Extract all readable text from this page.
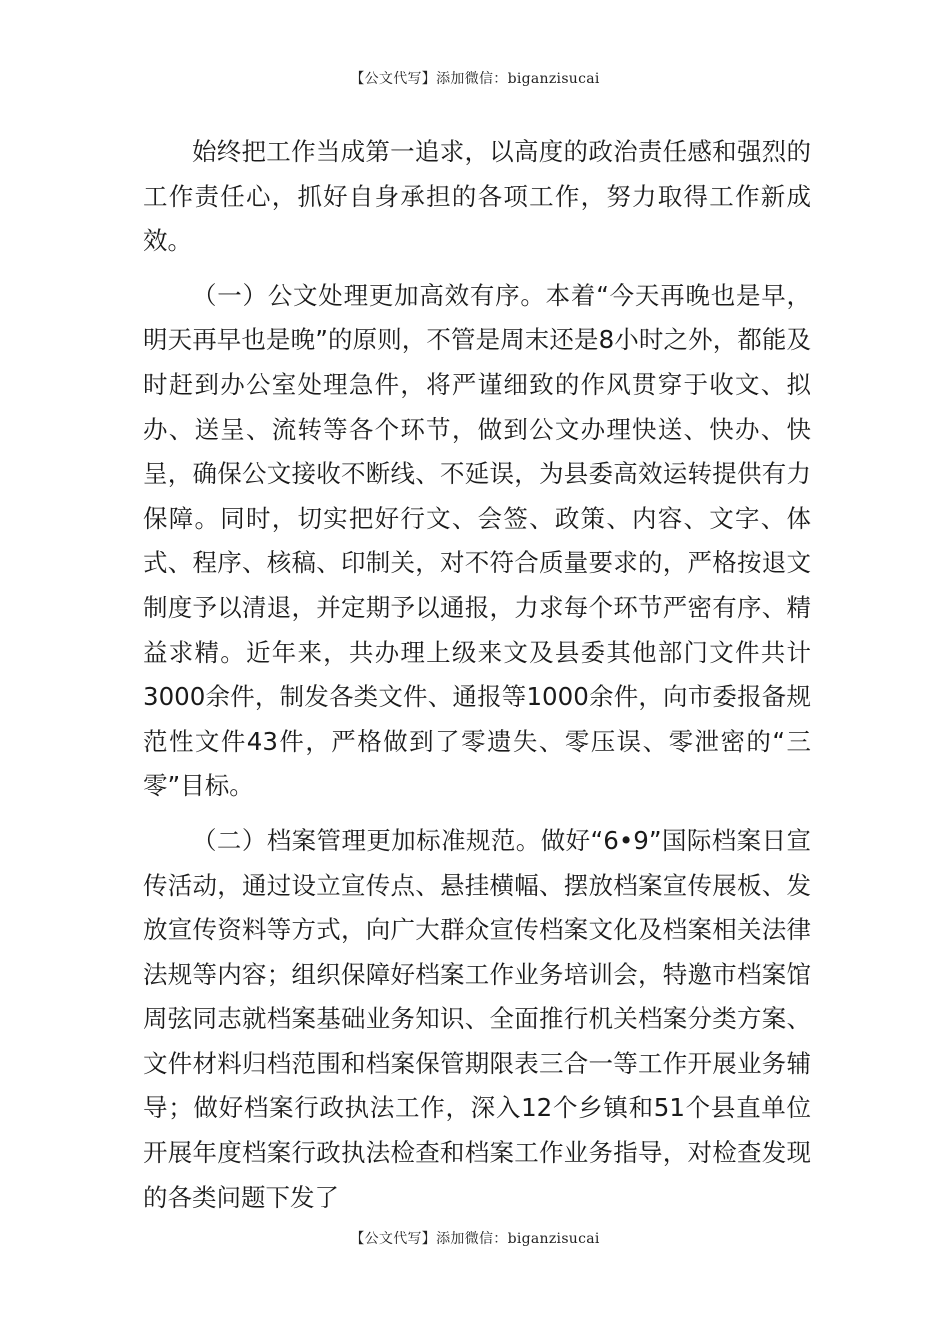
【公文代写】添加微信：biganzisucai

始终把工作当成第一追求，以高度的政治责任感和强烈的工作责任心，抓好自身承担的各项工作，努力取得工作新成效。

（一）公文处理更加高效有序。本着“今天再晚也是早，明天再早也是晚”的原则，不管是周末还是8小时之外，都能及时赶到办公室处理急件，将严谨细致的作风贯穿于收文、拟办、送呈、流转等各个环节，做到公文办理快送、快办、快呈，确保公文接收不断线、不延误，为县委高效运转提供有力保障。同时，切实把好行文、会签、政策、内容、文字、体式、程序、核稿、印制关，对不符合质量要求的，严格按退文制度予以清退，并定期予以通报，力求每个环节严密有序、精益求精。近年来，共办理上级来文及县委其他部门文件共计3000余件，制发各类文件、通报等1000余件，向市委报备规范性文件43件，严格做到了零遗失、零压误、零泄密的“三零”目标。

（二）档案管理更加标准规范。做好“6•9”国际档案日宣传活动，通过设立宣传点、悬挂横幅、摆放档案宣传展板、发放宣传资料等方式，向广大群众宣传档案文化及档案相关法律法规等内容；组织保障好档案工作业务培训会，特邀市档案馆周弦同志就档案基础业务知识、全面推行机关档案分类方案、文件材料归档范围和档案保管期限表三合一等工作开展业务辅导；做好档案行政执法工作，深入12个乡镇和51个县直单位开展年度档案行政执法检查和档案工作业务指导，对检查发现的各类问题下发了

【公文代写】添加微信：biganzisucai
